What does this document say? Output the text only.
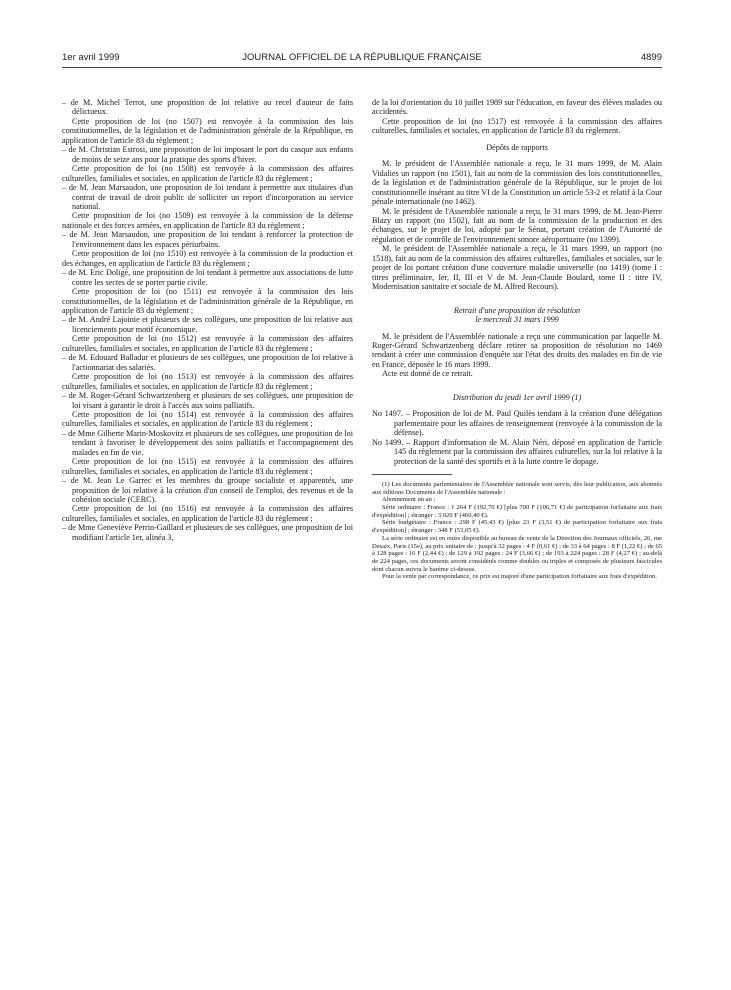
1er avril 1999	JOURNAL OFFICIEL DE LA RÉPUBLIQUE FRANÇAISE	4899

– de M. Michel Terrot, une proposition de loi relative au recel d'auteur de faits délictueux.

Cette proposition de loi (no 1507) est renvoyée à la commission des lois constitutionnelles, de la législation et de l'administration générale de la République, en application de l'article 83 du règlement ;

– de M. Christian Estrosi, une proposition de loi imposant le port du casque aux enfants de moins de seize ans pour la pratique des sports d'hiver.

Cette proposition de loi (no 1508) est renvoyée à la commission des affaires culturelles, familiales et sociales, en application de l'article 83 du règlement ;

– de M. Jean Marsaudon, une proposition de loi tendant à permettre aux titulaires d'un contrat de travail de droit public de solliciter un report d'incorporation au service national.

Cette proposition de loi (no 1509) est renvoyée à la commission de la défense nationale et des forces armées, en application de l'article 83 du règlement ;

– de M. Jean Marsaudon, une proposition de loi tendant à renforcer la protection de l'environnement dans les espaces périurbains.

Cette proposition de loi (no 1510) est renvoyée à la commission de la production et des échanges, en application de l'article 83 du règlement ;

– de M. Eric Doligé, une proposition de loi tendant à permettre aux associations de lutte contre les sectes de se porter partie civile.

Cette proposition de loi (no 1511) est renvoyée à la commission des lois constitutionnelles, de la législation et de l'administration générale de la République, en application de l'article 83 du règlement ;

– de M. André Lajoinie et plusieurs de ses collègues, une proposition de loi relative aux licenciements pour motif économique.

Cette proposition de loi (no 1512) est renvoyée à la commission des affaires culturelles, familiales et sociales, en application de l'article 83 du règlement ;

– de M. Edouard Balladur et plusieurs de ses collègues, une proposition de loi relative à l'actionnariat des salariés.

Cette proposition de loi (no 1513) est renvoyée à la commission des affaires culturelles, familiales et sociales, en application de l'article 83 du règlement ;

– de M. Roger-Gérard Schwartzenberg et plusieurs de ses collègues, une proposition de loi visant à garantir le droit à l'accès aux soins palliatifs.

Cette proposition de loi (no 1514) est renvoyée à la commission des affaires culturelles, familiales et sociales, en application de l'article 83 du règlement ;

– de Mme Gilberte Marin-Moskovitz et plusieurs de ses collègues, une proposition de loi tendant à favoriser le développement des soins palliatifs et l'accompagnement des malades en fin de vie.

Cette proposition de loi (no 1515) est renvoyée à la commission des affaires culturelles, familiales et sociales, en application de l'article 83 du règlement ;

– de M. Jean Le Garrec et les membres du groupe socialiste et apparentés, une proposition de loi relative à la création d'un conseil de l'emploi, des revenus et de la cohésion sociale (CERC).

Cette proposition de loi (no 1516) est renvoyée à la commission des affaires culturelles, familiales et sociales, en application de l'article 83 du règlement ;

– de Mme Geneviève Perrin-Gaillard et plusieurs de ses collègues, une proposition de loi modifiant l'article 1er, alinéa 3,

de la loi d'orientation du 10 juillet 1989 sur l'éducation, en faveur des élèves malades ou accidentés.

Cette proposition de loi (no 1517) est renvoyée à la commission des affaires culturelles, familiales et sociales, en application de l'article 83 du règlement.

Dépôts de rapports

M. le président de l'Assemblée nationale a reçu, le 31 mars 1999, de M. Alain Vidalies un rapport (no 1501), fait au nom de la commission des lois constitutionnelles, de la législation et de l'administration générale de la République, sur le projet de loi constitutionnelle insérant au titre VI de la Constitution un article 53-2 et relatif à la Cour pénale internationale (no 1462).

M. le président de l'Assemblée nationale a reçu, le 31 mars 1999, de M. Jean-Pierre Blazy un rapport (no 1502), fait au nom de la commission de la production et des échanges, sur le projet de loi, adopté par le Sénat, portant création de l'Autorité de régulation et de contrôle de l'environnement sonore aéroportuaire (no 1399).

M. le président de l'Assemblée nationale a reçu, le 31 mars 1999, un rapport (no 1518), fait au nom de la commission des affaires culturelles, familiales et sociales, sur le projet de loi portant création d'une couverture maladie universelle (no 1419) (tome I : titres préliminaire, Ier, II, III et V de M. Jean-Claude Boulard, tome II : titre IV, Modernisation sanitaire et sociale de M. Alfred Recours).

Retrait d'une proposition de résolution

le mercredi 31 mars 1999

M. le président de l'Assemblée nationale a reçu une communication par laquelle M. Roger-Gérard Schwartzenberg déclare retirer sa proposition de résolution no 1469 tendant à créer une commission d'enquête sur l'état des droits des malades en fin de vie en France, déposée le 16 mars 1999.

Acte est donné de ce retrait.

Distribution du jeudi 1er avril 1999 (1)

No 1497. – Proposition de loi de M. Paul Quilès tendant à la création d'une délégation parlementaire pour les affaires de renseignement (renvoyée à la commission de la défense).

No 1499. – Rapport d'information de M. Alain Néri, déposé en application de l'article 145 du règlement par la commission des affaires culturelles, sur la loi relative à la protection de la santé des sportifs et à la lutte contre le dopage.

(1) Les documents parlementaires de l'Assemblée nationale sont servis, dès leur publication, aux abonnés aux éditions Documents de l'Assemblée nationale :

Abonnement un an :

Série ordinaire : France : 1 264 F (192,70 €) [plus 700 F (106,71 €) de participation forfaitaire aux frais d'expédition] ; étranger : 3 020 F (460,40 €).

Série budgétaire : France : 298 F (45,43 €) [plus 23 F (3,51 €) de participation forfaitaire aux frais d'expédition] ; étranger : 348 F (53,05 €).

La série ordinaire est en outre disponible au bureau de vente de la Direction des Journaux officiels, 26, rue Desaix, Paris (15e), au prix unitaire de : jusqu'à 32 pages : 4 F (0,61 €) ; de 33 à 64 pages : 8 F (1,22 €) ; de 65 à 128 pages : 16 F (2,44 €) ; de 129 à 192 pages : 24 F (3,66 €) ; de 193 à 224 pages : 28 F (4,27 €) ; au-delà de 224 pages, ces documents seront considérés comme doubles ou triples et composés de plusieurs fascicules dont chacun suivra le barème ci-dessus.

Pour la vente par correspondance, ce prix est majoré d'une participation forfaitaire aux frais d'expédition.
